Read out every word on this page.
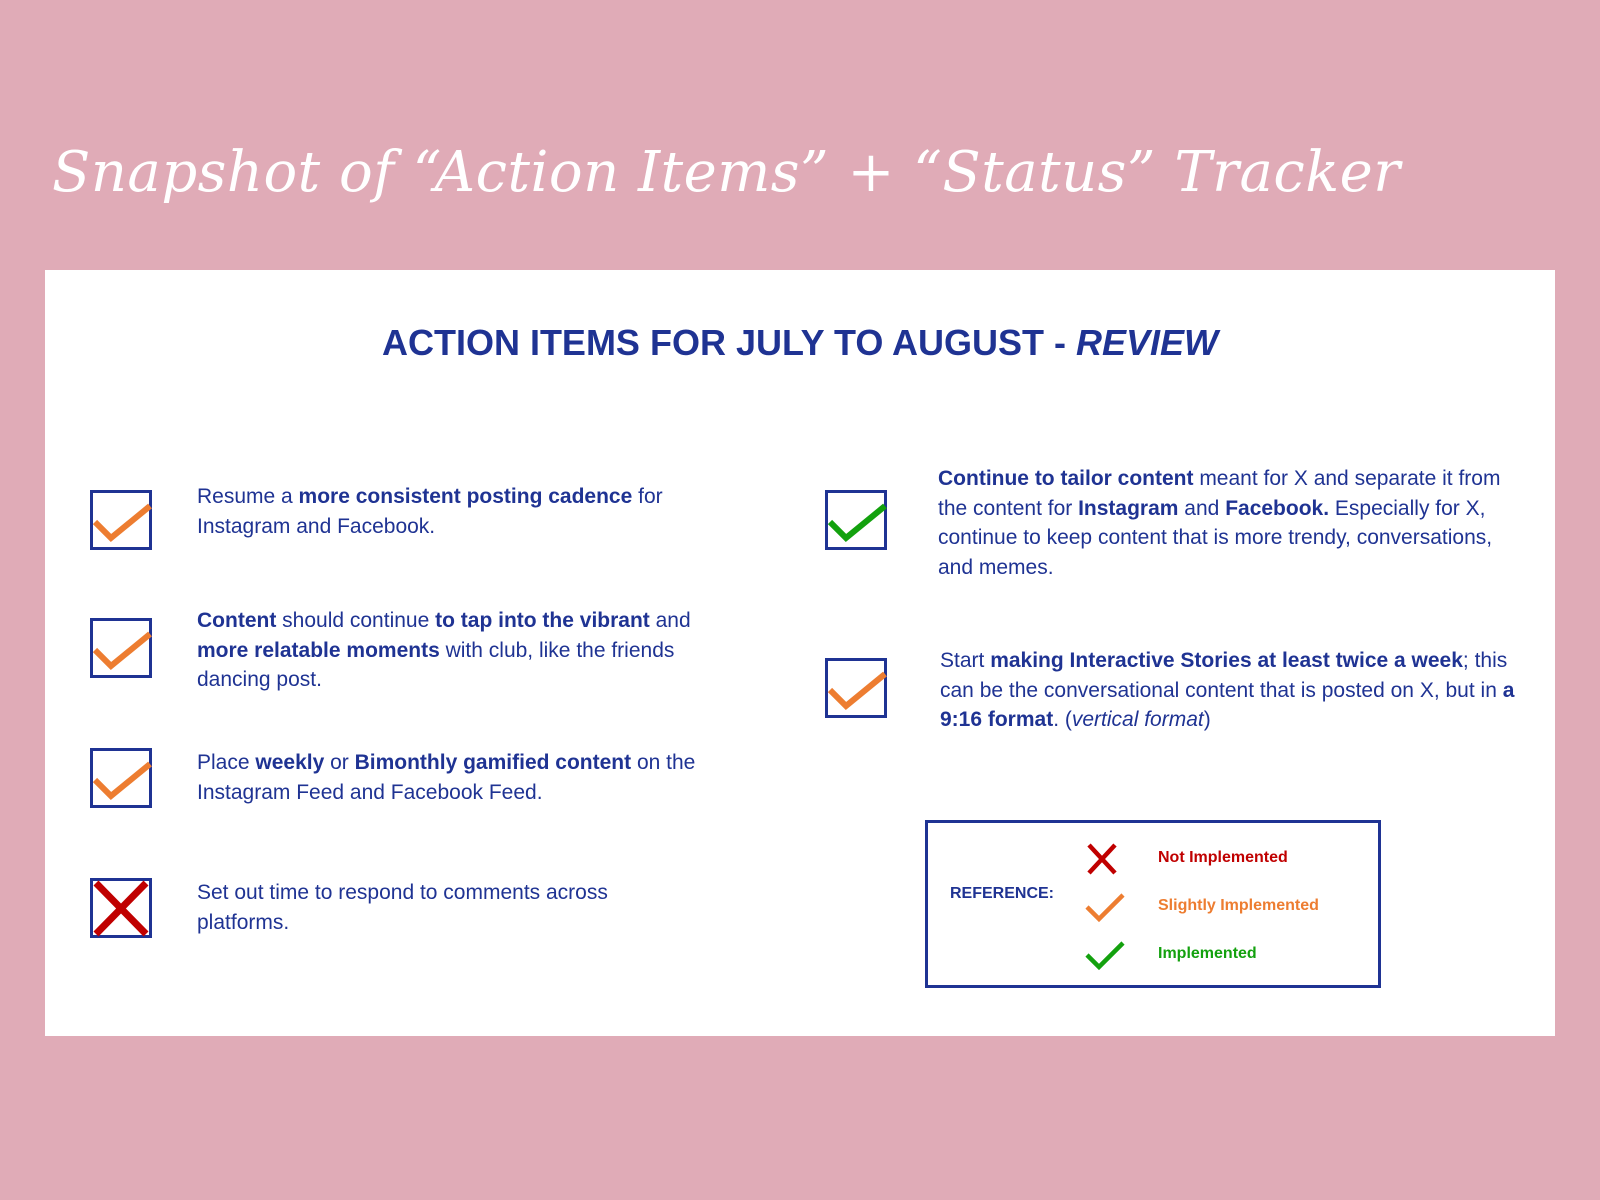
Snapshot of “Action Items” + “Status” Tracker
ACTION ITEMS FOR JULY TO AUGUST - REVIEW
Resume a more consistent posting cadence for Instagram and Facebook.
Content should continue to tap into the vibrant and more relatable moments with club, like the friends dancing post.
Place weekly or Bimonthly gamified content on the Instagram Feed and Facebook Feed.
Set out time to respond to comments across platforms.
Continue to tailor content meant for X and separate it from the content for Instagram and Facebook. Especially for X, continue to keep content that is more trendy, conversations, and memes.
Start making Interactive Stories at least twice a week; this can be the conversational content that is posted on X, but in a 9:16 format. (vertical format)
REFERENCE:
Not Implemented
Slightly Implemented
Implemented
